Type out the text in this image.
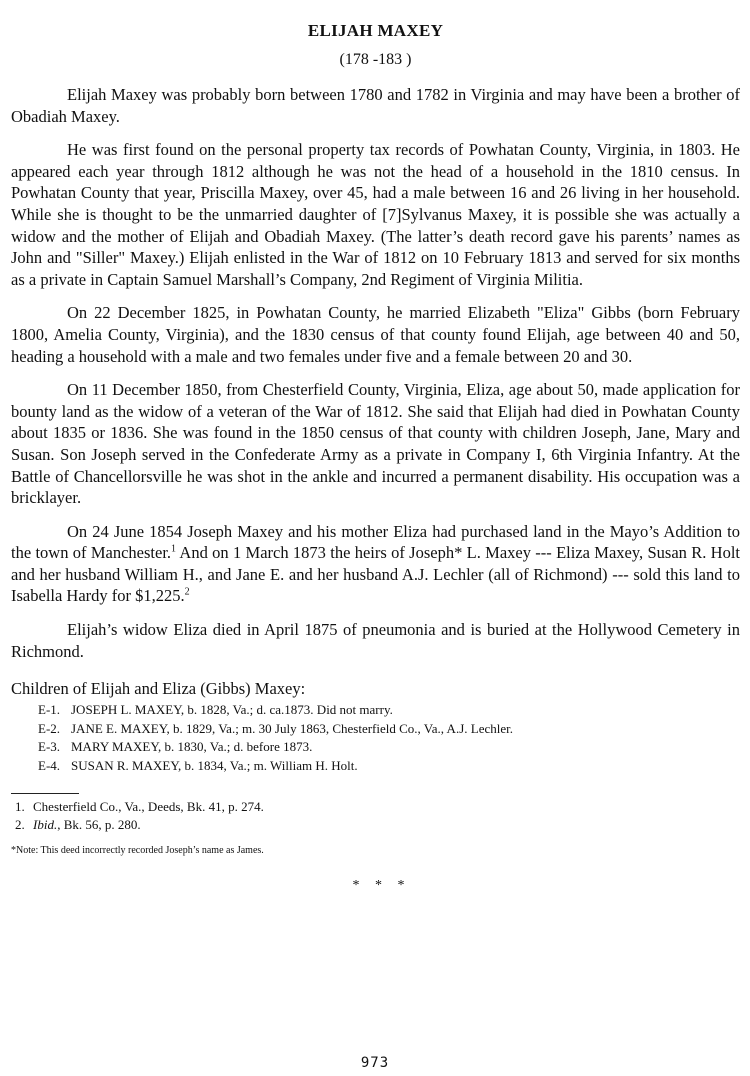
ELIJAH MAXEY
(178 -183 )

Elijah Maxey was probably born between 1780 and 1782 in Virginia and may have been a brother of Obadiah Maxey.

He was first found on the personal property tax records of Powhatan County, Virginia, in 1803. He appeared each year through 1812 although he was not the head of a household in the 1810 census. In Powhatan County that year, Priscilla Maxey, over 45, had a male between 16 and 26 living in her household. While she is thought to be the unmarried daughter of [7]Sylvanus Maxey, it is possible she was actually a widow and the mother of Elijah and Obadiah Maxey. (The latter’s death record gave his parents’ names as John and "Siller" Maxey.) Elijah enlisted in the War of 1812 on 10 February 1813 and served for six months as a private in Captain Samuel Marshall’s Company, 2nd Regiment of Virginia Militia.

On 22 December 1825, in Powhatan County, he married Elizabeth "Eliza" Gibbs (born February 1800, Amelia County, Virginia), and the 1830 census of that county found Elijah, age between 40 and 50, heading a household with a male and two females under five and a female between 20 and 30.

On 11 December 1850, from Chesterfield County, Virginia, Eliza, age about 50, made application for bounty land as the widow of a veteran of the War of 1812. She said that Elijah had died in Powhatan County about 1835 or 1836. She was found in the 1850 census of that county with children Joseph, Jane, Mary and Susan. Son Joseph served in the Confederate Army as a private in Company I, 6th Virginia Infantry. At the Battle of Chancellorsville he was shot in the ankle and incurred a permanent disability. His occupation was a bricklayer.

On 24 June 1854 Joseph Maxey and his mother Eliza had purchased land in the Mayo’s Addition to the town of Manchester.$^1$ And on 1 March 1873 the heirs of Joseph* L. Maxey --- Eliza Maxey, Susan R. Holt and her husband William H., and Jane E. and her husband A.J. Lechler (all of Richmond) --- sold this land to Isabella Hardy for $1,225.$^2$

Elijah’s widow Eliza died in April 1875 of pneumonia and is buried at the Hollywood Cemetery in Richmond.

Children of Elijah and Eliza (Gibbs) Maxey:
E-1. JOSEPH L. MAXEY, b. 1828, Va.; d. ca.1873. Did not marry.
E-2. JANE E. MAXEY, b. 1829, Va.; m. 30 July 1863, Chesterfield Co., Va., A.J. Lechler.
E-3. MARY MAXEY, b. 1830, Va.; d. before 1873.
E-4. SUSAN R. MAXEY, b. 1834, Va.; m. William H. Holt.
1. Chesterfield Co., Va., Deeds, Bk. 41, p. 274.
2. Ibid., Bk. 56, p. 280.
*Note: This deed incorrectly recorded Joseph’s name as James.
* * *
973
